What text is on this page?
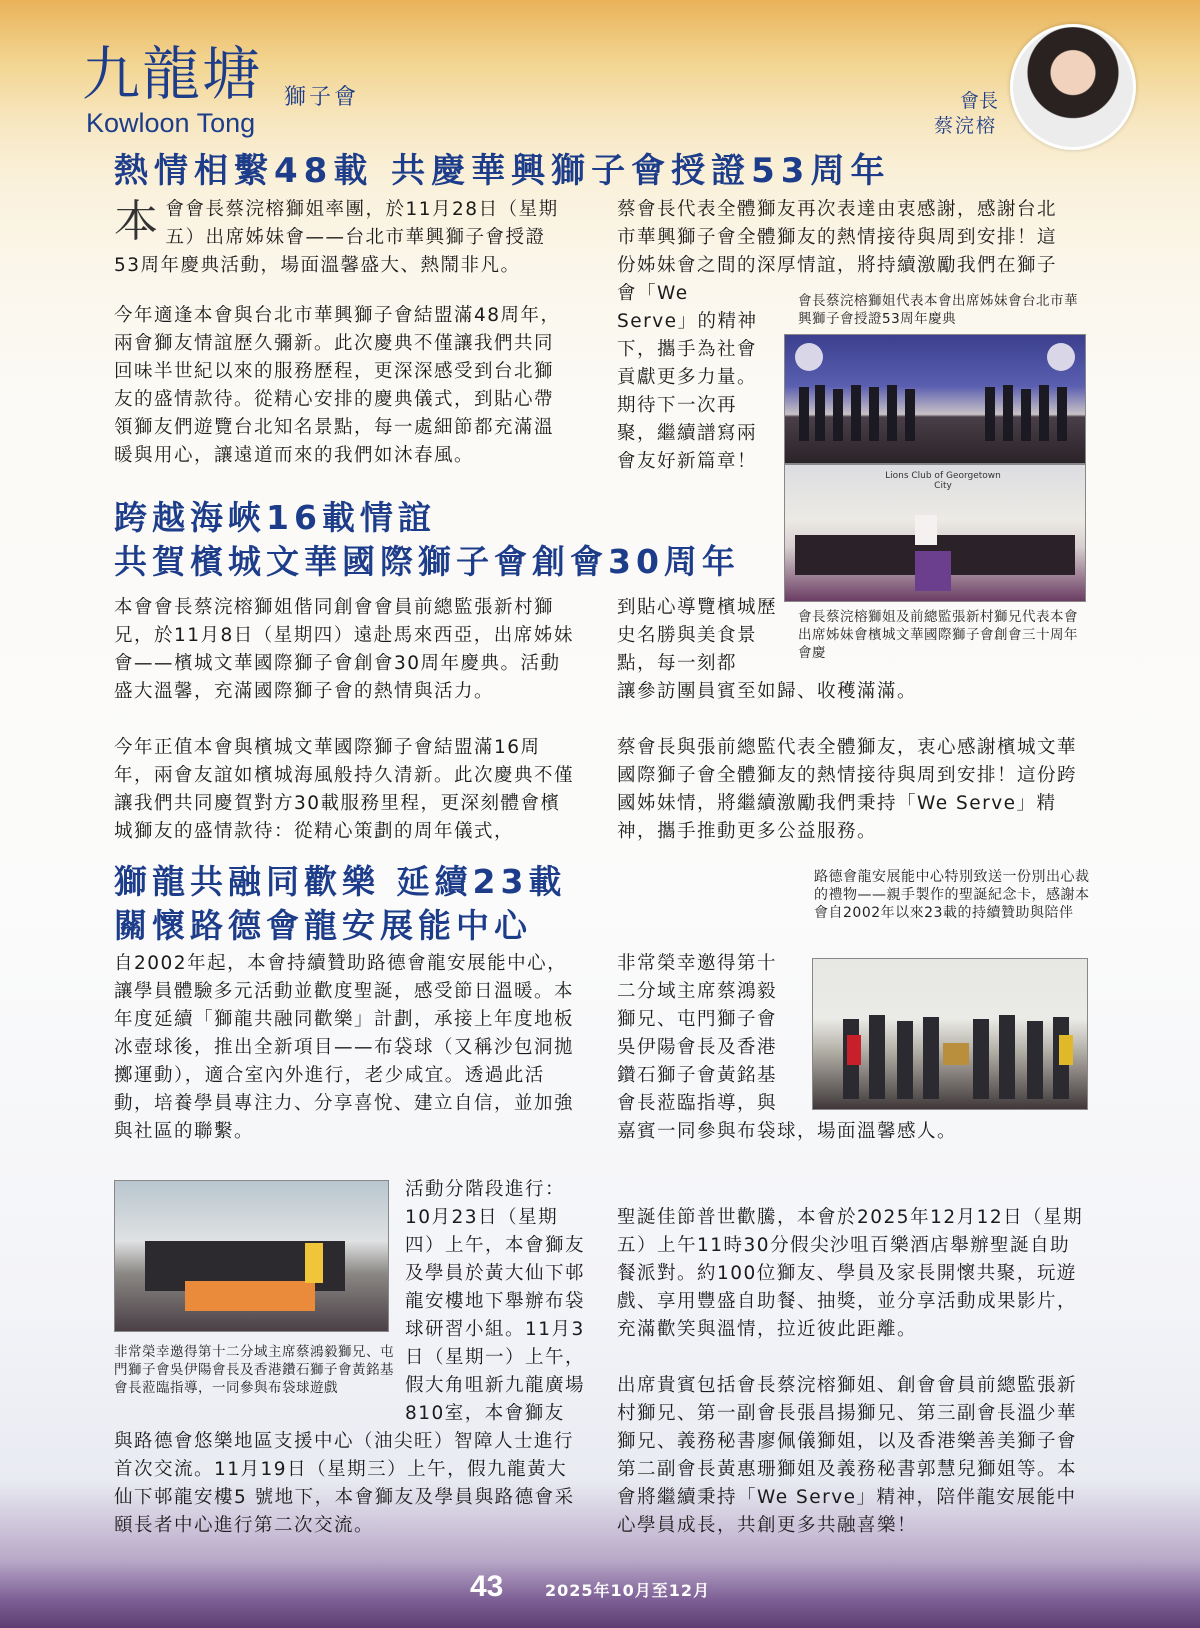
九龍塘 獅子會
Kowloon Tong
會長
蔡浣榕
熱情相繫48載 共慶華興獅子會授證53周年
本 會會長蔡浣榕獅姐率團，於11月28日（星期五）出席姊妹會——台北市華興獅子會授證53周年慶典活動，場面溫馨盛大、熱鬧非凡。
今年適逢本會與台北市華興獅子會結盟滿48周年，兩會獅友情誼歷久彌新。此次慶典不僅讓我們共同回味半世紀以來的服務歷程，更深深感受到台北獅友的盛情款待。從精心安排的慶典儀式，到貼心帶領獅友們遊覽台北知名景點，每一處細節都充滿溫暖與用心，讓遠道而來的我們如沐春風。
蔡會長代表全體獅友再次表達由衷感謝，感謝台北市華興獅子會全體獅友的熱情接待與周到安排！這份姊妹會之間的深厚情誼，將持續激勵我們在獅子
會「We Serve」的精神下，攜手為社會貢獻更多力量。期待下一次再聚，繼續譜寫兩會友好新篇章！
會長蔡浣榕獅姐代表本會出席姊妹會台北市華興獅子會授證53周年慶典
Lions Club of Georgetown City
跨越海峽16載情誼
共賀檳城文華國際獅子會創會30周年
本會會長蔡浣榕獅姐偕同創會會員前總監張新村獅兄，於11月8日（星期四）遠赴馬來西亞，出席姊妹會——檳城文華國際獅子會創會30周年慶典。活動盛大溫馨，充滿國際獅子會的熱情與活力。
今年正值本會與檳城文華國際獅子會結盟滿16周年，兩會友誼如檳城海風般持久清新。此次慶典不僅讓我們共同慶賀對方30載服務里程，更深刻體會檳城獅友的盛情款待：從精心策劃的周年儀式，
到貼心導覽檳城歷史名勝與美食景點，每一刻都
讓參訪團員賓至如歸、收穫滿滿。
會長蔡浣榕獅姐及前總監張新村獅兄代表本會出席姊妹會檳城文華國際獅子會創會三十周年會慶
蔡會長與張前總監代表全體獅友，衷心感謝檳城文華國際獅子會全體獅友的熱情接待與周到安排！這份跨國姊妹情，將繼續激勵我們秉持「We Serve」精神，攜手推動更多公益服務。
獅龍共融同歡樂 延續23載
關懷路德會龍安展能中心
路德會龍安展能中心特別致送一份別出心裁的禮物——親手製作的聖誕紀念卡，感謝本會自2002年以來23載的持續贊助與陪伴
自2002年起，本會持續贊助路德會龍安展能中心，讓學員體驗多元活動並歡度聖誕，感受節日溫暖。本年度延續「獅龍共融同歡樂」計劃，承接上年度地板冰壺球後，推出全新項目——布袋球（又稱沙包洞拋擲運動），適合室內外進行，老少咸宜。透過此活動，培養學員專注力、分享喜悅、建立自信，並加強與社區的聯繫。
非常榮幸邀得第十二分域主席蔡鴻毅獅兄、屯門獅子會吳伊陽會長及香港鑽石獅子會黃銘基會長蒞臨指導，與
嘉賓一同參與布袋球，場面溫馨感人。
非常榮幸邀得第十二分域主席蔡鴻毅獅兄、屯門獅子會吳伊陽會長及香港鑽石獅子會黃銘基會長蒞臨指導，一同參與布袋球遊戲
活動分階段進行：10月23日（星期四）上午，本會獅友及學員於黃大仙下邨龍安樓地下舉辦布袋球研習小組。11月3日（星期一）上午，假大角咀新九龍廣場810室，本會獅友
與路德會悠樂地區支援中心（油尖旺）智障人士進行首次交流。11月19日（星期三）上午，假九龍黃大仙下邨龍安樓5 號地下，本會獅友及學員與路德會采頤長者中心進行第二次交流。
聖誕佳節普世歡騰，本會於2025年12月12日（星期五）上午11時30分假尖沙咀百樂酒店舉辦聖誕自助餐派對。約100位獅友、學員及家長開懷共聚，玩遊戲、享用豐盛自助餐、抽獎，並分享活動成果影片，充滿歡笑與溫情，拉近彼此距離。
出席貴賓包括會長蔡浣榕獅姐、創會會員前總監張新村獅兄、第一副會長張昌揚獅兄、第三副會長溫少華獅兄、義務秘書廖佩儀獅姐，以及香港樂善美獅子會第二副會長黃惠珊獅姐及義務秘書郭慧兒獅姐等。本會將繼續秉持「We Serve」精神，陪伴龍安展能中心學員成長，共創更多共融喜樂！
43	2025年10月至12月
